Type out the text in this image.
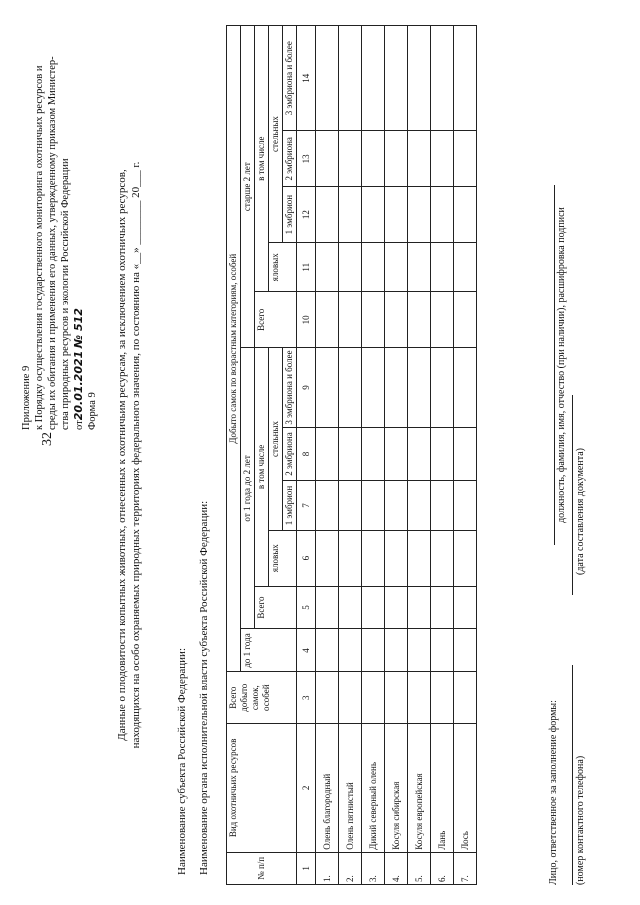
32
Приложение 9 к Порядку осуществления государственного мониторинга охотничьих ресурсов и среды их обитания и применения его данных, утвержденному приказом Министер- ства природных ресурсов и экологии Российской Федерации от20.01.2021 № 512
Форма 9 Данные о плодовитости копытных животных, отнесенных к охотничьим ресурсам, за исключением охотничьих ресурсов, находящихся на особо охраняемых природных территориях федерального значения, по состоянию на «__» ________ 20___ г.
Наименование субъекта Российской Федерации: Наименование органа исполнительной власти субъекта Российской Федерации:	№ п/п	Вид охотничьих ресурсов	Всего добыто самок, особей	Добыто самок по возрастным категориям, особей										
			до 1 года	от 1 года до 2 лет					старше 2 лет				
				Всего	в том числе				Всего	в том числе			
					яловых	стельных				яловых	стельных		
						1 эмбрион	2 эмбриона	3 эмбриона и более			1 эмбрион	2 эмбриона	3 эмбриона и более
1	2	3	4	5	6	7	8	9	10	11	12	13	14
1.	Олень благородный												
2.	Олень пятнистый												
3.	Дикий северный олень												
4.	Косуля сибирская												
5.	Косуля европейская												
6.	Лань												
7.	Лось													Лицо, ответственное за заполнение формы:
должность, фамилия, имя, отчество (при наличии), расшифровка подписи
(номер контактного телефона)
(дата составления документа)
